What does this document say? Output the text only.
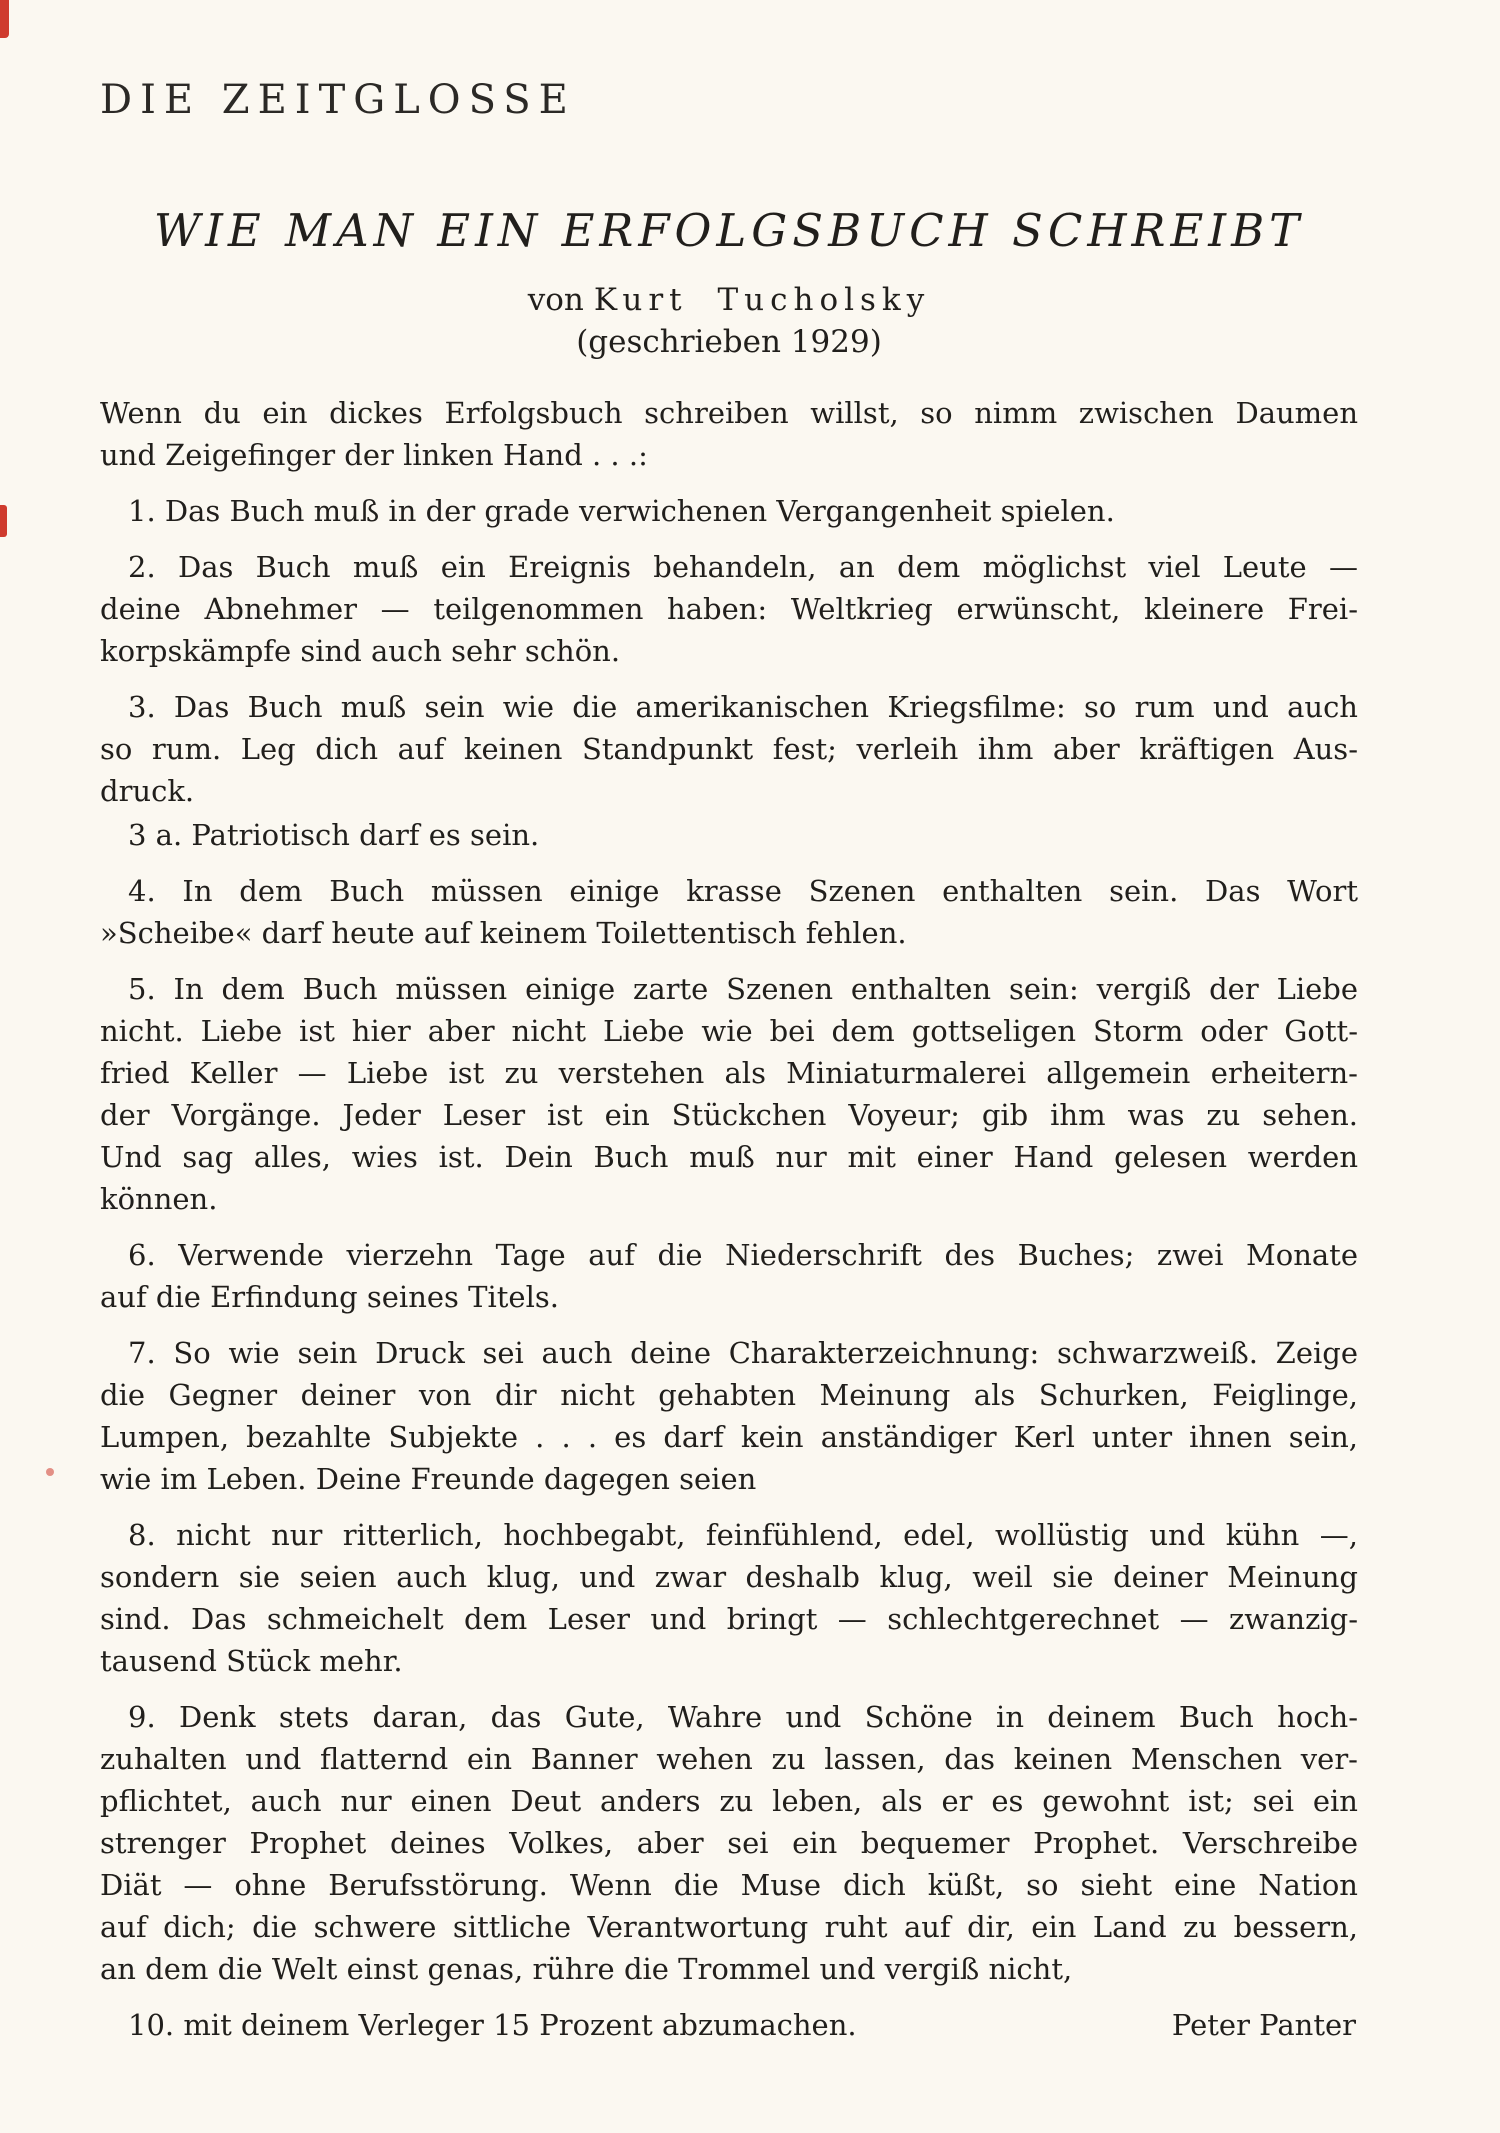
DIE ZEITGLOSSE
WIE MAN EIN ERFOLGSBUCH SCHREIBT
von Kurt Tucholsky
(geschrieben 1929)
Wenn du ein dickes Erfolgsbuch schreiben willst, so nimm zwischen Daumen
und Zeigefinger der linken Hand . . .:
1. Das Buch muß in der grade verwichenen Vergangenheit spielen.
2. Das Buch muß ein Ereignis behandeln, an dem möglichst viel Leute —
deine Abnehmer — teilgenommen haben: Weltkrieg erwünscht, kleinere Frei-
korpskämpfe sind auch sehr schön.
3. Das Buch muß sein wie die amerikanischen Kriegsfilme: so rum und auch
so rum. Leg dich auf keinen Standpunkt fest; verleih ihm aber kräftigen Aus-
druck.
3 a. Patriotisch darf es sein.
4. In dem Buch müssen einige krasse Szenen enthalten sein. Das Wort
»Scheibe« darf heute auf keinem Toilettentisch fehlen.
5. In dem Buch müssen einige zarte Szenen enthalten sein: vergiß der Liebe
nicht. Liebe ist hier aber nicht Liebe wie bei dem gottseligen Storm oder Gott-
fried Keller — Liebe ist zu verstehen als Miniaturmalerei allgemein erheitern-
der Vorgänge. Jeder Leser ist ein Stückchen Voyeur; gib ihm was zu sehen.
Und sag alles, wies ist. Dein Buch muß nur mit einer Hand gelesen werden
können.
6. Verwende vierzehn Tage auf die Niederschrift des Buches; zwei Monate
auf die Erfindung seines Titels.
7. So wie sein Druck sei auch deine Charakterzeichnung: schwarzweiß. Zeige
die Gegner deiner von dir nicht gehabten Meinung als Schurken, Feiglinge,
Lumpen, bezahlte Subjekte . . . es darf kein anständiger Kerl unter ihnen sein,
wie im Leben. Deine Freunde dagegen seien
8. nicht nur ritterlich, hochbegabt, feinfühlend, edel, wollüstig und kühn —,
sondern sie seien auch klug, und zwar deshalb klug, weil sie deiner Meinung
sind. Das schmeichelt dem Leser und bringt — schlechtgerechnet — zwanzig-
tausend Stück mehr.
9. Denk stets daran, das Gute, Wahre und Schöne in deinem Buch hoch-
zuhalten und flatternd ein Banner wehen zu lassen, das keinen Menschen ver-
pflichtet, auch nur einen Deut anders zu leben, als er es gewohnt ist; sei ein
strenger Prophet deines Volkes, aber sei ein bequemer Prophet. Verschreibe
Diät — ohne Berufsstörung. Wenn die Muse dich küßt, so sieht eine Nation
auf dich; die schwere sittliche Verantwortung ruht auf dir, ein Land zu bessern,
an dem die Welt einst genas, rühre die Trommel und vergiß nicht,
10. mit deinem Verleger 15 Prozent abzumachen.	Peter Panter
